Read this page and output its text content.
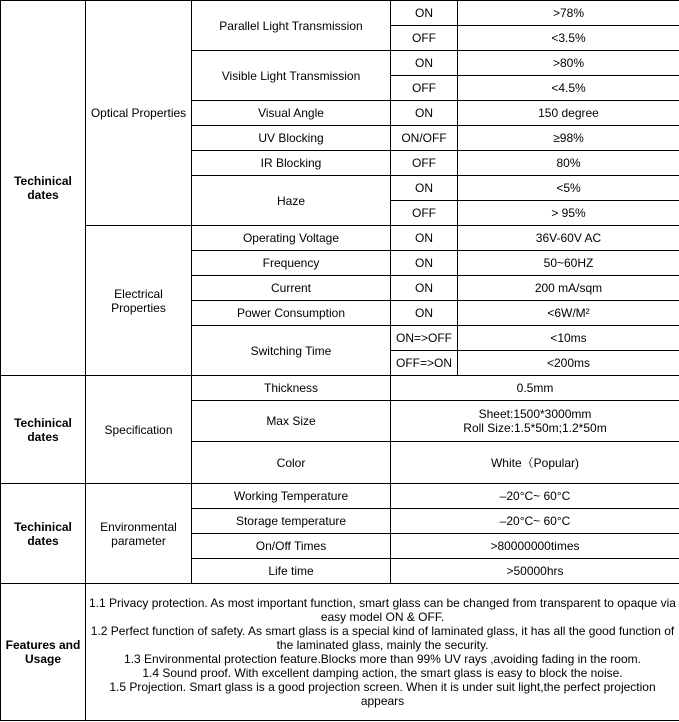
Techinical dates	Optical Properties	Parallel Light Transmission	ON	>78%
			OFF	<3.5%
		Visible Light Transmission	ON	>80%
			OFF	<4.5%
		Visual Angle	ON	150 degree
		UV Blocking	ON/OFF	≥98%
		IR Blocking	OFF	80%
		Haze	ON	<5%
			OFF	> 95%
	Electrical Properties	Operating Voltage	ON	36V-60V AC
		Frequency	ON	50~60HZ
		Current	ON	200 mA/sqm
		Power Consumption	ON	<6W/M²
		Switching Time	ON=>OFF	<10ms
			OFF=>ON	<200ms
Techinical dates	Specification	Thickness	0.5mm	
		Max Size	Sheet:1500*3000mm
Roll Size:1.5*50m;1.2*50m	

		Color	White（Popular)	
Techinical dates	Environmental parameter	Working Temperature	–20°C~ 60°C	
		Storage temperature	–20°C~ 60°C	
		On/Off Times	>80000000times	
		Life time	>50000hrs	
Features and Usage	1.1 Privacy protection. As most important function, smart glass can be changed from transparent to opaque via easy model ON & OFF.
1.2 Perfect function of safety. As smart glass is a special kind of laminated glass, it has all the good function of the laminated glass, mainly the security.
1.3 Environmental protection feature.Blocks more than 99% UV rays ,avoiding fading in the room.
1.4 Sound proof. With excellent damping action, the smart glass is easy to block the noise.
1.5 Projection. Smart glass is a good projection screen. When it is under suit light,the perfect projection appears			
